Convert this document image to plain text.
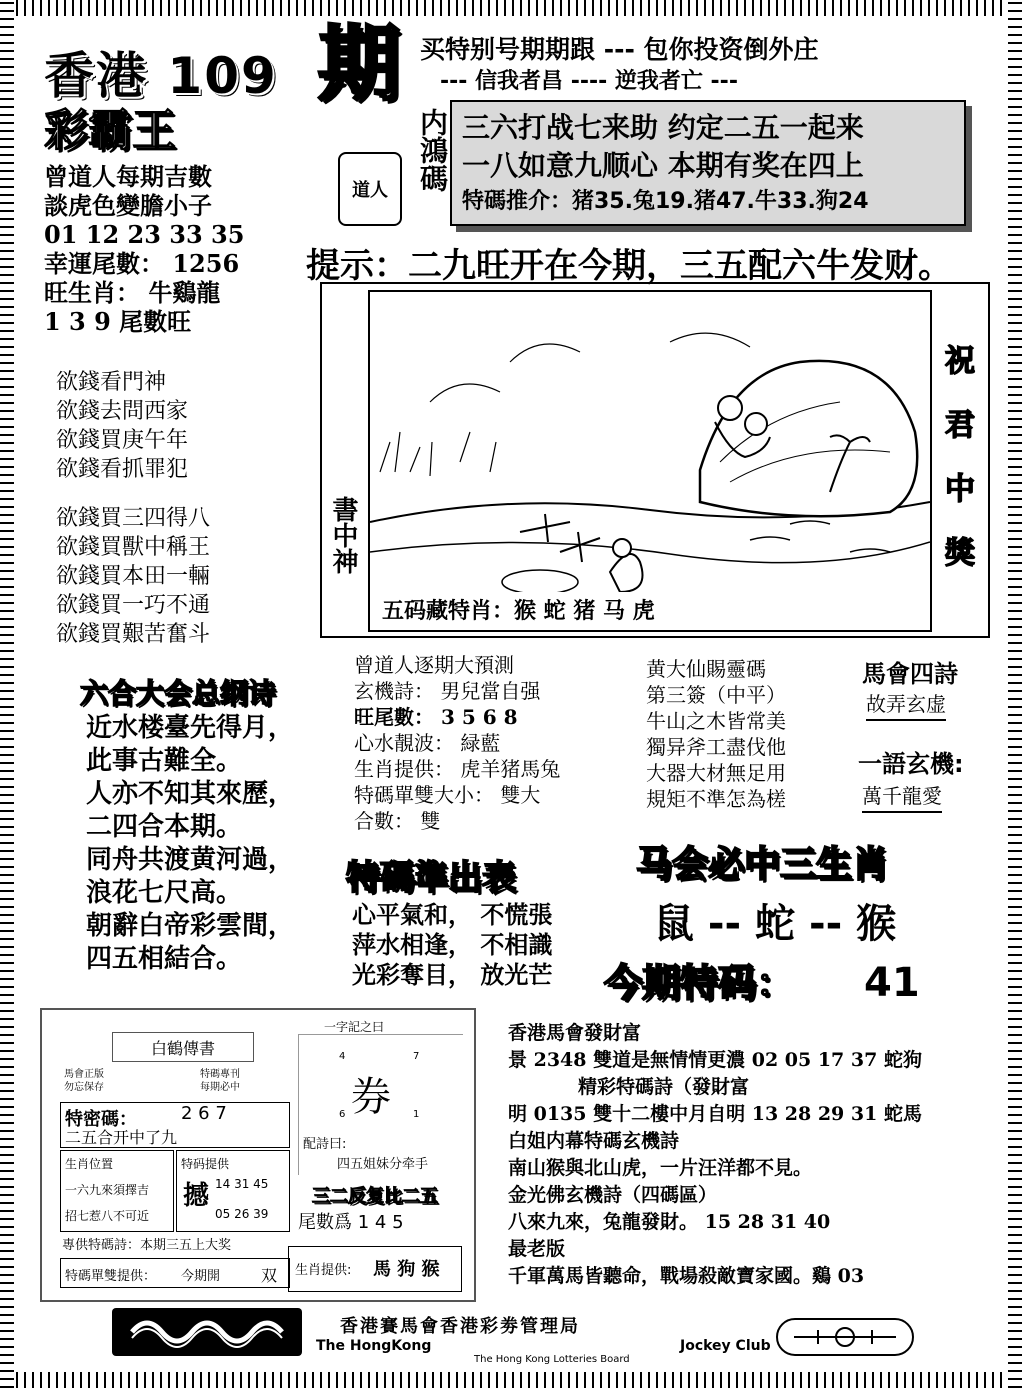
香港 109
彩霸王
期 买特别号期期跟 --- 包你投资倒外庄
--- 信我者昌 ---- 逆我者亡 ---
道人	内鴻碼 三六打战七来助 约定二五一起来
一八如意九顺心 本期有奖在四上
特碼推介：猪35.兔19.猪47.牛33.狗24
提示：二九旺开在今期，三五配六牛发财。
曾道人每期吉數
談虎色變膽小子
01 12 23 33 35
幸運尾數： 1256
旺生肖： 牛鷄龍
1 3 9 尾數旺
欲錢看門神
欲錢去問西家
欲錢買庚午年
欲錢看抓罪犯
欲錢買三四得八
欲錢買獸中稱王
欲錢買本田一輛
欲錢買一巧不通
欲錢買艱苦奮斗
書中神
五码藏特肖：猴 蛇 猪 马 虎
祝
君
中
獎
六合大会总纲诗
近水楼臺先得月，
此事古難全。
人亦不知其來歷，
二四合本期。
同舟共渡黄河過，
浪花七尺高。
朝辭白帝彩雲間，
四五相結合。
曾道人逐期大預測
玄機詩： 男兒當自强
旺尾數： 3 5 6 8
心水靚波： 緑藍
生肖提供： 虎羊猪馬兔
特碼單雙大小： 雙大
合數： 雙
黄大仙賜靈碼
第三簽（中平）
牛山之木皆常美
獨异斧工盡伐他
大器大材無足用
規矩不準怎為槎
馬會四詩
故弄玄虚
一語玄機:
萬千龍愛
特碼準出表
心平氣和， 不慌張
萍水相逢， 不相識
光彩奪目， 放光芒
马会必中三生肖
鼠 -- 蛇 -- 猴
今期特码： 41
白鶴傳書
馬會正版
勿忘保存
特碼專刊
每期必中
特密碼： 2 6 7
二五合开中了九
生肖位置
一六九來須擇吉
招七惹八不可近
特码提供
撼 14 31 45
05 26 39
專供特碼詩：本期三五上大奖
特碼單雙提供： 今期開	双
一字記之曰
4	7
券
6	1
配詩曰:
四五姐妹分牵手
三二反复比二五
尾數爲 1 4 5
生肖提供: 馬 狗 猴
香港馬會發財富
景 2348 雙道是無情情更濃 02 05 17 37 蛇狗
精彩特碼詩（發財富
明 0135 雙十二樓中月自明 13 28 29 31 蛇馬
白姐内幕特碼玄機詩
南山猴與北山虎，一片汪洋都不見。
金光佛玄機詩（四碼區）
八來九來，兔龍發財。 15 28 31 40
最老版
千軍萬馬皆聽命，戰場殺敵寶家國。鷄 03
香港賽馬會香港彩劵管理局
The HongKong	Jockey Club
The Hong Kong Lotteries Board
